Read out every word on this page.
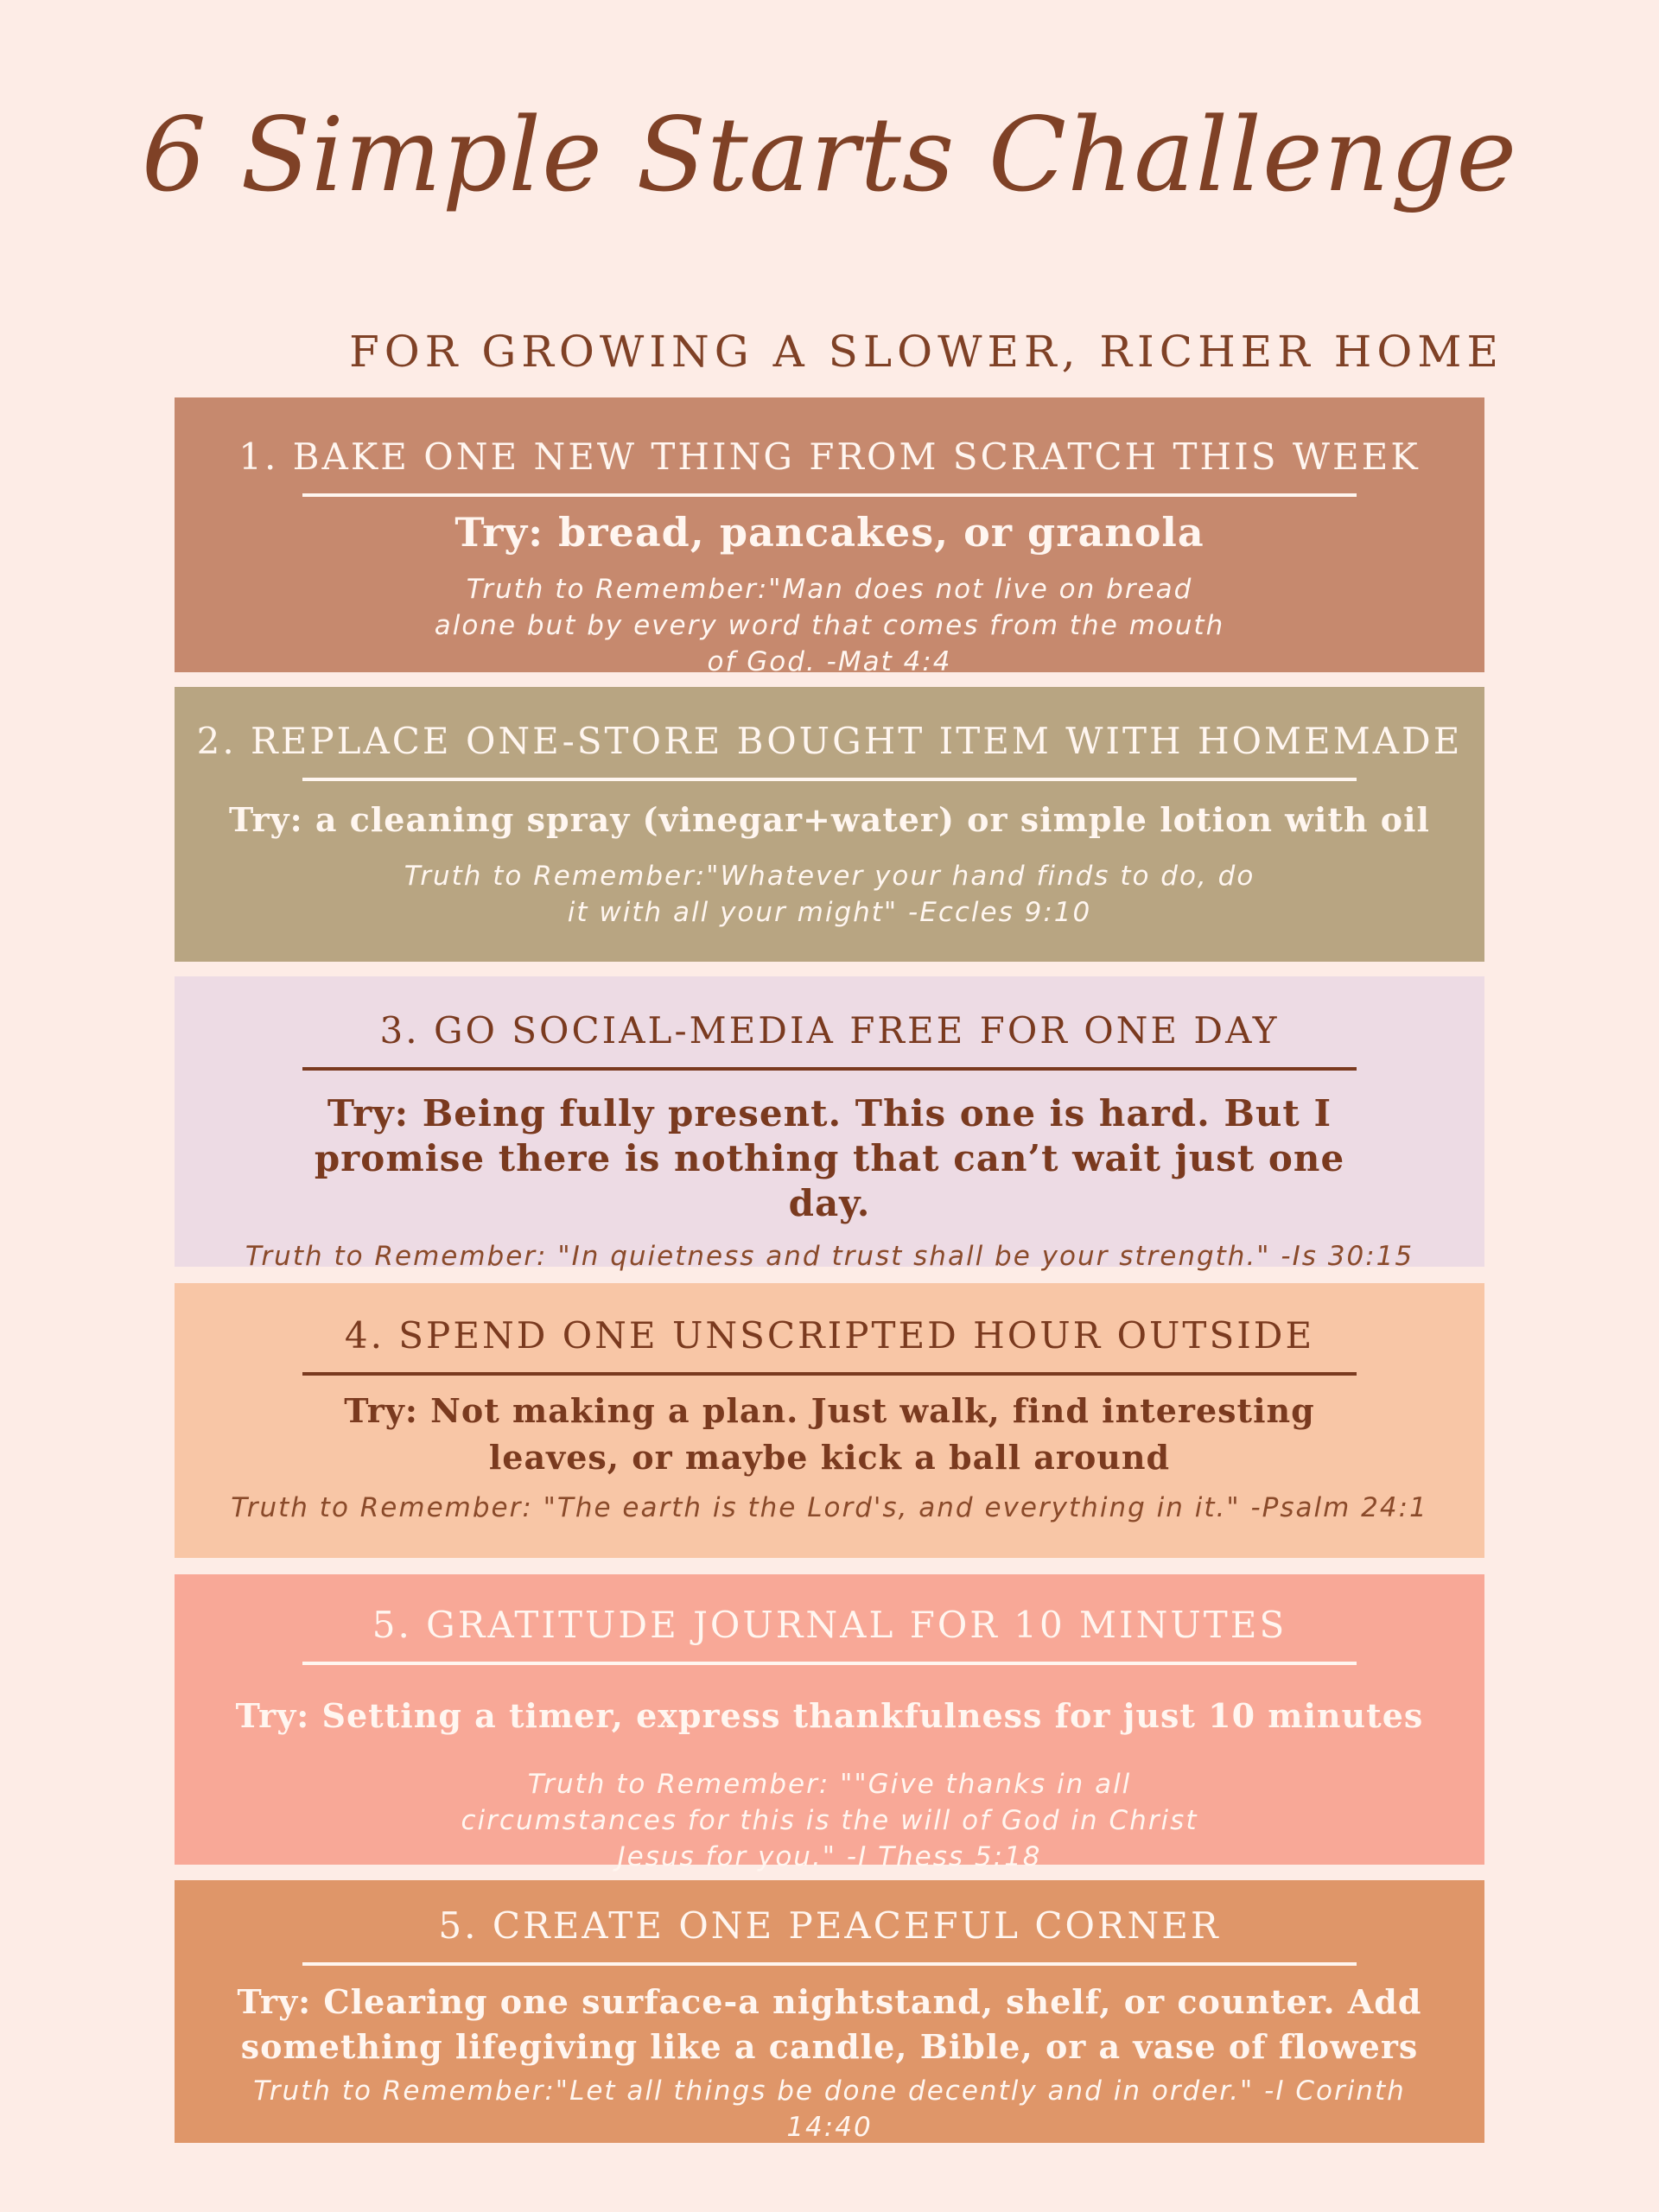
6 Simple Starts Challenge
FOR GROWING A SLOWER, RICHER HOME
1. BAKE ONE NEW THING FROM SCRATCH THIS WEEK
Try: bread, pancakes, or granola
Truth to Remember:"Man does not live on bread alone but by every word that comes from the mouth of God. -Mat 4:4
2. REPLACE ONE-STORE BOUGHT ITEM WITH HOMEMADE
Try: a cleaning spray (vinegar+water) or simple lotion with oil
Truth to Remember:"Whatever your hand finds to do, do it with all your might" -Eccles 9:10
3. GO SOCIAL-MEDIA FREE FOR ONE DAY
Try: Being fully present. This one is hard. But I promise there is nothing that can’t wait just one day.
Truth to Remember: "In quietness and trust shall be your strength." -Is 30:15
4. SPEND ONE UNSCRIPTED HOUR OUTSIDE
Try: Not making a plan. Just walk, find interesting leaves, or maybe kick a ball around
Truth to Remember: "The earth is the Lord's, and everything in it." -Psalm 24:1
5. GRATITUDE JOURNAL FOR 10 MINUTES
Try: Setting a timer, express thankfulness for just 10 minutes
Truth to Remember: ""Give thanks in all circumstances for this is the will of God in Christ Jesus for you." -I Thess 5:18
5. CREATE ONE PEACEFUL CORNER
Try: Clearing one surface-a nightstand, shelf, or counter. Add something lifegiving like a candle, Bible, or a vase of flowers
Truth to Remember:"Let all things be done decently and in order." -I Corinth 14:40
